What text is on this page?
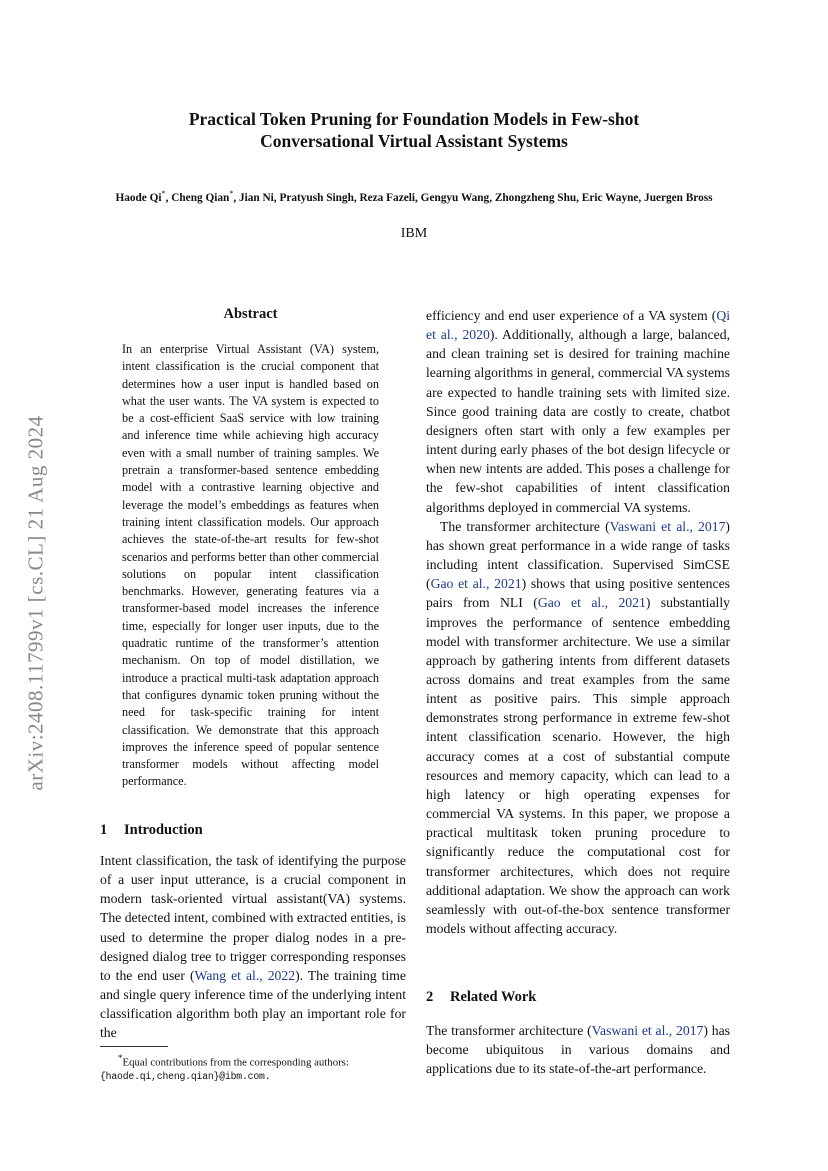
arXiv:2408.11799v1 [cs.CL] 21 Aug 2024
Practical Token Pruning for Foundation Models in Few-shot
Conversational Virtual Assistant Systems
Haode Qi*, Cheng Qian*, Jian Ni, Pratyush Singh, Reza Fazeli, Gengyu Wang, Zhongzheng Shu, Eric Wayne, Juergen Bross
IBM
Abstract
In an enterprise Virtual Assistant (VA) system, intent classification is the crucial component that determines how a user input is handled based on what the user wants. The VA system is expected to be a cost-efficient SaaS service with low training and inference time while achieving high accuracy even with a small number of training samples. We pretrain a transformer-based sentence embedding model with a contrastive learning objective and leverage the model’s embeddings as features when training intent classification models. Our approach achieves the state-of-the-art results for few-shot scenarios and performs better than other commercial solutions on popular intent classification benchmarks. However, generating features via a transformer-based model increases the inference time, especially for longer user inputs, due to the quadratic runtime of the transformer’s attention mechanism. On top of model distillation, we introduce a practical multi-task adaptation approach that configures dynamic token pruning without the need for task-specific training for intent classification. We demonstrate that this approach improves the inference speed of popular sentence transformer models without affecting model performance.
1 Introduction

Intent classification, the task of identifying the purpose of a user input utterance, is a crucial component in modern task-oriented virtual assistant(VA) systems. The detected intent, combined with extracted entities, is used to determine the proper dialog nodes in a pre-designed dialog tree to trigger corresponding responses to the end user (Wang et al., 2022). The training time and single query inference time of the underlying intent classification algorithm both play an important role for the

*Equal contributions from the corresponding authors:
{haode.qi,cheng.qian}@ibm.com.

efficiency and end user experience of a VA system (Qi et al., 2020). Additionally, although a large, balanced, and clean training set is desired for training machine learning algorithms in general, commercial VA systems are expected to handle training sets with limited size. Since good training data are costly to create, chatbot designers often start with only a few examples per intent during early phases of the bot design lifecycle or when new intents are added. This poses a challenge for the few-shot capabilities of intent classification algorithms deployed in commercial VA systems.

The transformer architecture (Vaswani et al., 2017) has shown great performance in a wide range of tasks including intent classification. Supervised SimCSE (Gao et al., 2021) shows that using positive sentences pairs from NLI (Gao et al., 2021) substantially improves the performance of sentence embedding model with transformer architecture. We use a similar approach by gathering intents from different datasets across domains and treat examples from the same intent as positive pairs. This simple approach demonstrates strong performance in extreme few-shot intent classification scenario. However, the high accuracy comes at a cost of substantial compute resources and memory capacity, which can lead to a high latency or high operating expenses for commercial VA systems. In this paper, we propose a practical multitask token pruning procedure to significantly reduce the computational cost for transformer architectures, which does not require additional adaptation. We show the approach can work seamlessly with out-of-the-box sentence transformer models without affecting accuracy.

2 Related Work

The transformer architecture (Vaswani et al., 2017) has become ubiquitous in various domains and applications due to its state-of-the-art performance.
